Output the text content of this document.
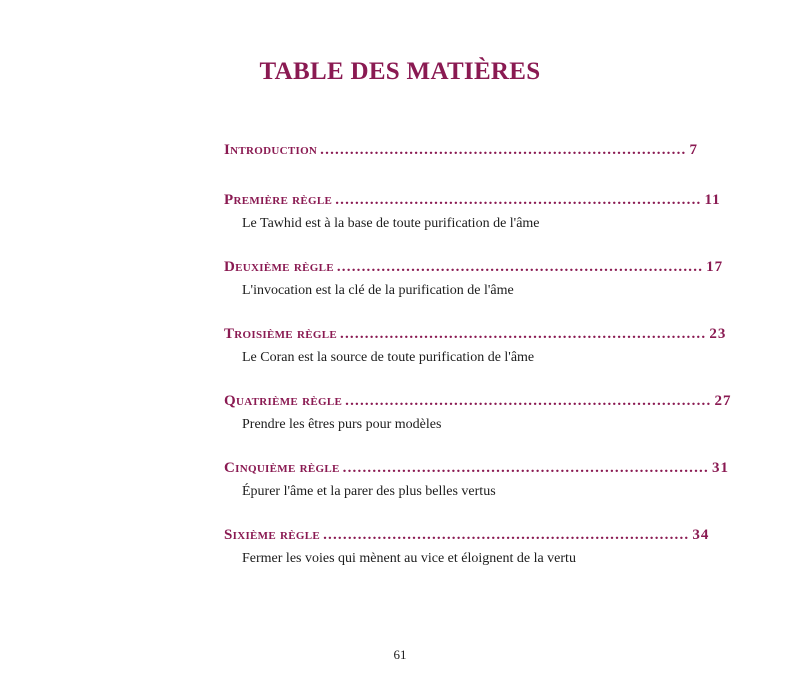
TABLE DES MATIÈRES
Introduction .......................................................................... 7
Première règle .......................................................................... 11
Le Tawhid est à la base de toute purification de l'âme
Deuxième règle .......................................................................... 17
L'invocation est la clé de la purification de l'âme
Troisième règle .......................................................................... 23
Le Coran est la source de toute purification de l'âme
Quatrième règle .......................................................................... 27
Prendre les êtres purs pour modèles
Cinquième règle .......................................................................... 31
Épurer l'âme et la parer des plus belles vertus
Sixième règle .......................................................................... 34
Fermer les voies qui mènent au vice et éloignent de la vertu
61
